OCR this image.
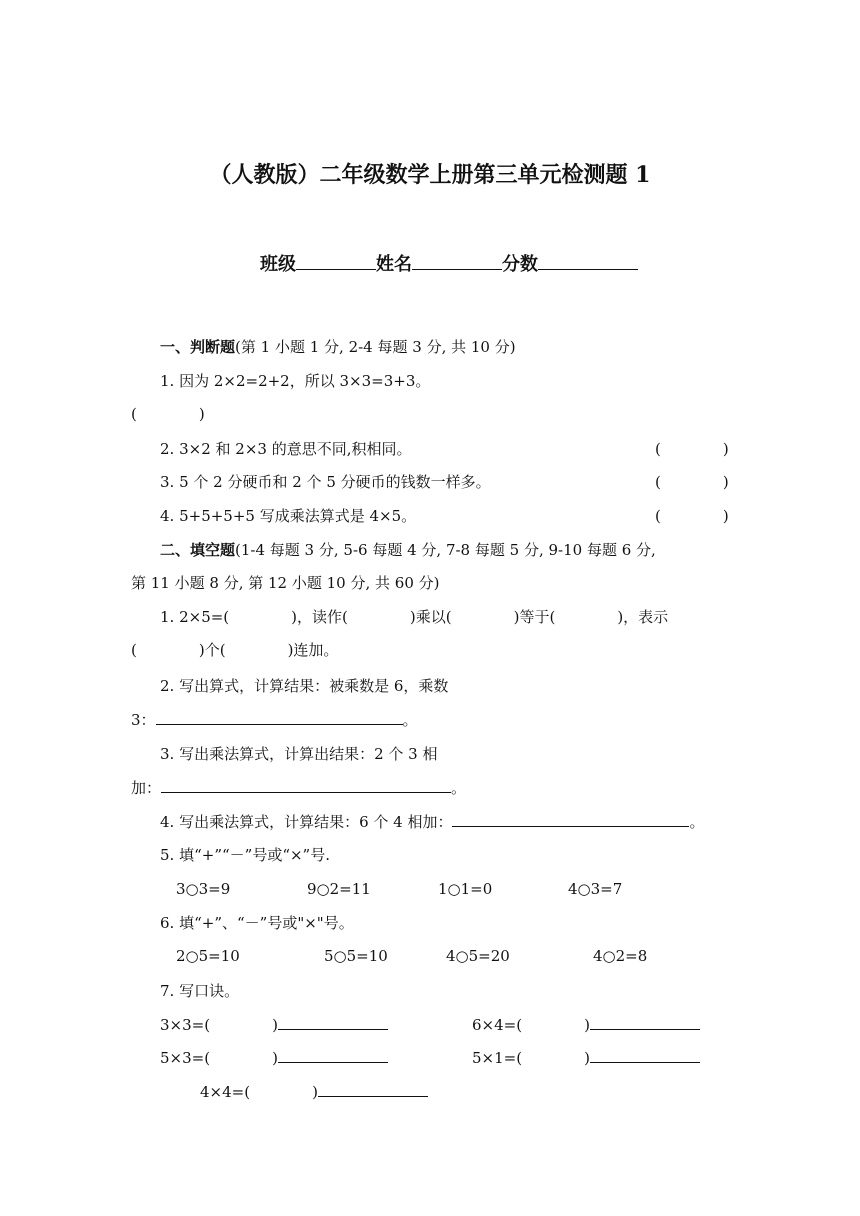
（人教版）二年级数学上册第三单元检测题 1
班级	姓名	分数
一、判断题(第 1 小题 1 分, 2-4 每题 3 分, 共 10 分)
1. 因为 2×2=2+2，所以 3×3=3+3。
(	)
2. 3×2 和 2×3 的意思不同,积相同。	(	)
3. 5 个 2 分硬币和 2 个 5 分硬币的钱数一样多。	(	)
4. 5+5+5+5 写成乘法算式是 4×5。	(	)
二、填空题(1-4 每题 3 分, 5-6 每题 4 分, 7-8 每题 5 分, 9-10 每题 6 分,
第 11 小题 8 分, 第 12 小题 10 分, 共 60 分)
1. 2×5=(	)，读作(	)乘以(	)等于(	)，表示
(	)个(	)连加。
2. 写出算式，计算结果：被乘数是 6，乘数
3：	。
3. 写出乘法算式，计算出结果：2 个 3 相
加：	。
4. 写出乘法算式，计算结果：6 个 4 相加：	。
5. 填“+”“－”号或“×”号.
3○3=9	9○2=11	1○1=0	4○3=7
6. 填“+”、“－”号或"×"号。
2○5=10	5○5=10	4○5=20	4○2=8
7. 写口诀。
3×3=(	)	6×4=(	)
5×3=(	)	5×1=(	)
4×4=(	)
